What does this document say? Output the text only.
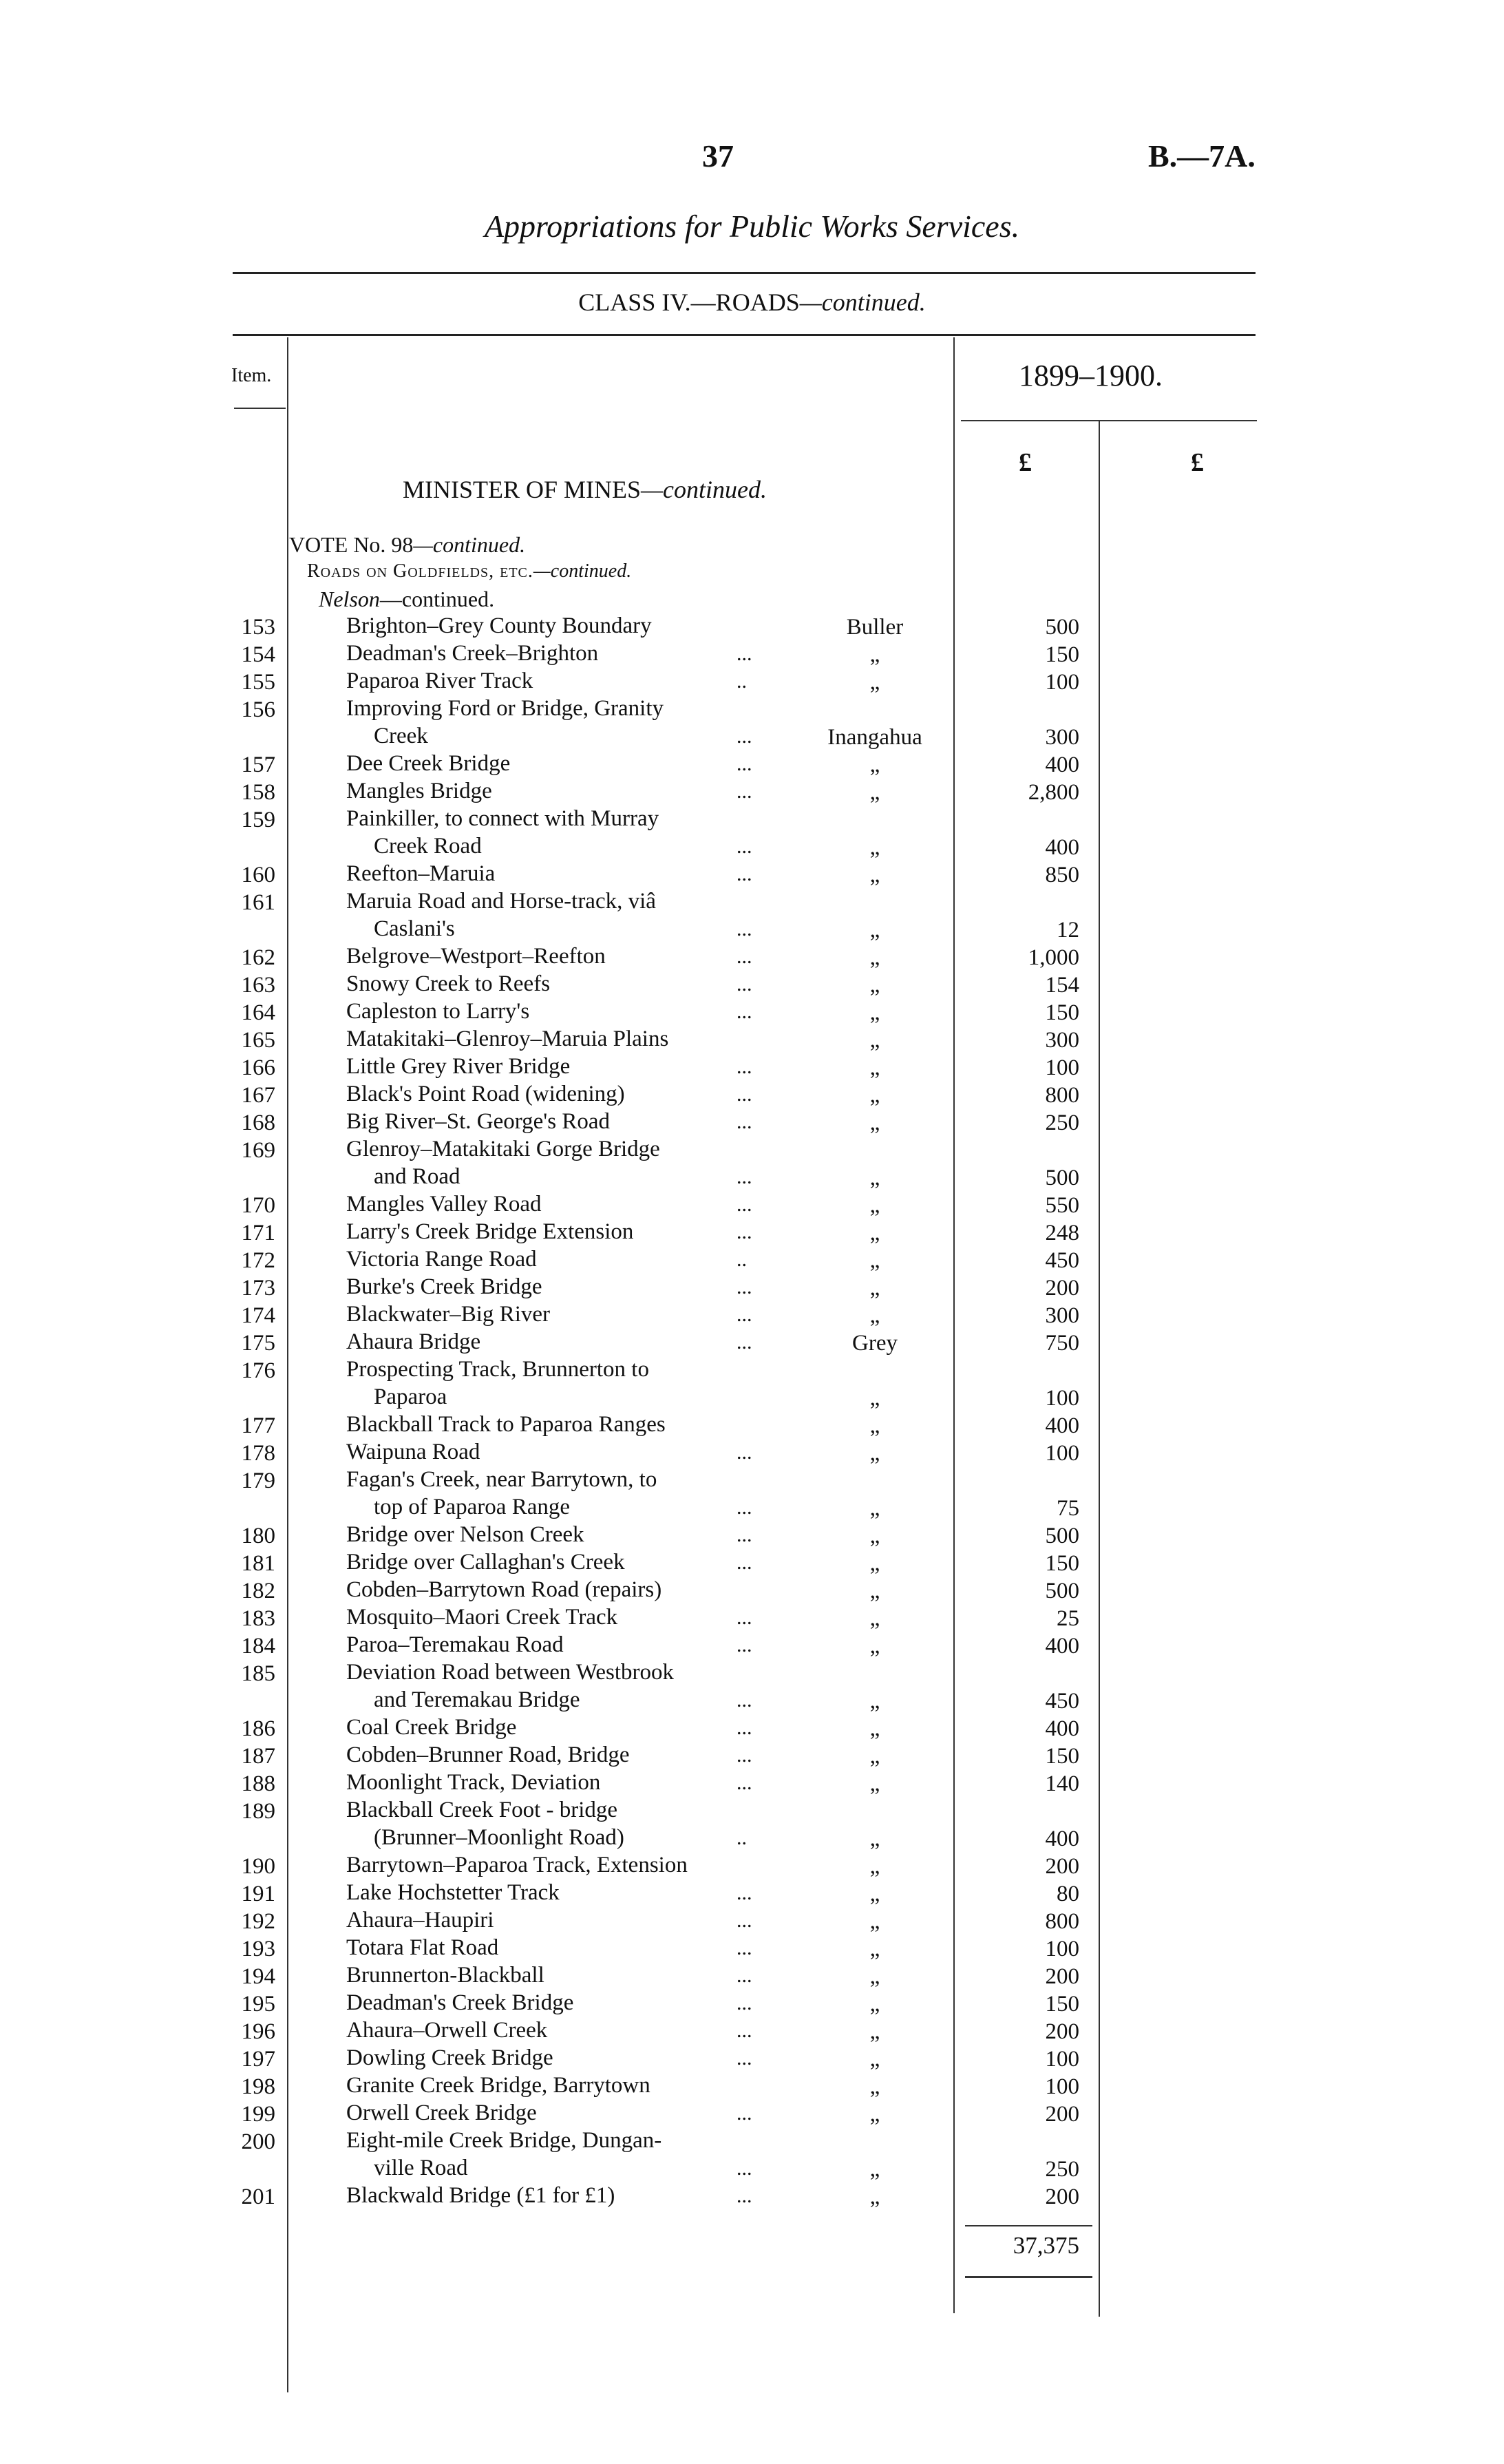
37	B.—7A.
Appropriations for Public Works Services.
CLASS IV.—ROADS—continued.
Item.	1899–1900.
£	£
MINISTER OF MINES—continued.
VOTE No. 98—continued.
Roads on Goldfields, etc.—continued.
Nelson—continued.
153	Brighton–Grey County Boundary	Buller	500
154	Deadman's Creek–Brighton	...	„	150
155	Paparoa River Track	..	„	100
156	Improving Ford or Bridge, Granity
Creek	...	Inangahua	300
157	Dee Creek Bridge	...	„	400
158	Mangles Bridge	...	„	2,800
159	Painkiller, to connect with Murray
Creek Road	...	„	400
160	Reefton–Maruia	...	„	850
161	Maruia Road and Horse-track, viâ
Caslani's	...	„	12
162	Belgrove–Westport–Reefton	...	„	1,000
163	Snowy Creek to Reefs	...	„	154
164	Capleston to Larry's	...	„	150
165	Matakitaki–Glenroy–Maruia Plains	„	300
166	Little Grey River Bridge	...	„	100
167	Black's Point Road (widening)	...	„	800
168	Big River–St. George's Road	...	„	250
169	Glenroy–Matakitaki Gorge Bridge
and Road	...	„	500
170	Mangles Valley Road	...	„	550
171	Larry's Creek Bridge Extension	...	„	248
172	Victoria Range Road	..	„	450
173	Burke's Creek Bridge	...	„	200
174	Blackwater–Big River	...	„	300
175	Ahaura Bridge	...	Grey	750
176	Prospecting Track, Brunnerton to
Paparoa	„	100
177	Blackball Track to Paparoa Ranges	„	400
178	Waipuna Road	...	„	100
179	Fagan's Creek, near Barrytown, to
top of Paparoa Range	...	„	75
180	Bridge over Nelson Creek	...	„	500
181	Bridge over Callaghan's Creek	...	„	150
182	Cobden–Barrytown Road (repairs)	„	500
183	Mosquito–Maori Creek Track	...	„	25
184	Paroa–Teremakau Road	...	„	400
185	Deviation Road between Westbrook
and Teremakau Bridge	...	„	450
186	Coal Creek Bridge	...	„	400
187	Cobden–Brunner Road, Bridge	...	„	150
188	Moonlight Track, Deviation	...	„	140
189	Blackball Creek Foot - bridge
(Brunner–Moonlight Road)	..	„	400
190	Barrytown–Paparoa Track, Extension	„	200
191	Lake Hochstetter Track	...	„	80
192	Ahaura–Haupiri	...	„	800
193	Totara Flat Road	...	„	100
194	Brunnerton-Blackball	...	„	200
195	Deadman's Creek Bridge	...	„	150
196	Ahaura–Orwell Creek	...	„	200
197	Dowling Creek Bridge	...	„	100
198	Granite Creek Bridge, Barrytown	„	100
199	Orwell Creek Bridge	...	„	200
200	Eight-mile Creek Bridge, Dungan-
ville Road	...	„	250
201	Blackwald Bridge (£1 for £1)	...	„	200
37,375
